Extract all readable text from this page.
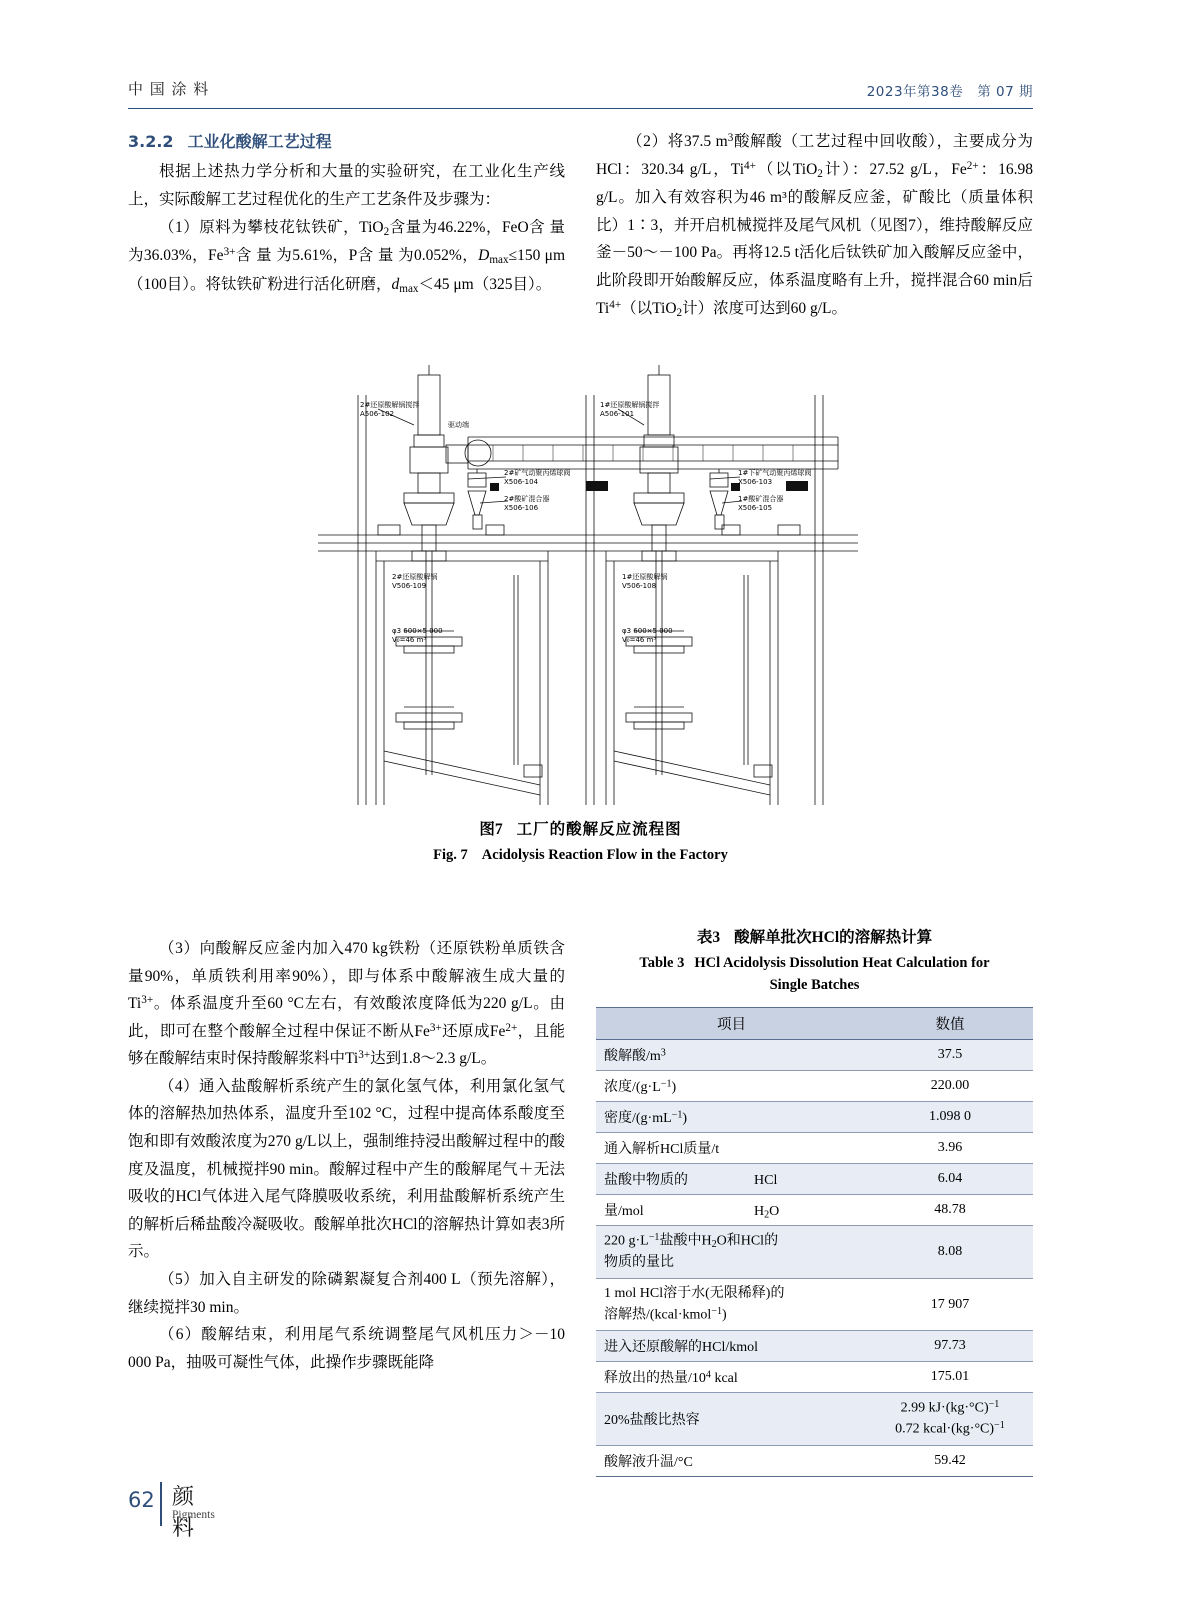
中 国 涂 料	2023年第38卷　第 07 期
3.2.2 工业化酸解工艺过程

根据上述热力学分析和大量的实验研究，在工业化生产线上，实际酸解工艺过程优化的生产工艺条件及步骤为：

（1）原料为攀枝花钛铁矿，TiO$_2$含量为46.22%，FeO含 量 为36.03%，$Fe^{3+}$含 量 为5.61%，P含 量 为0.052%，$D_{max}\le 150$ μm（100目）。将钛铁矿粉进行活化研磨，$d_{max}<45$ μm（325目）。

（2）将37.5 $m^3$酸解酸（工艺过程中回收酸），主要成分为HCl：320.34 g/L，$Ti^{4+}$（以TiO$_2$计）：27.52 g/L，$Fe^{2+}$：16.98 g/L。加入有效容积为46 m³的酸解反应釜，矿酸比（质量体积比）1∶3，并开启机械搅拌及尾气风机（见图7），维持酸解反应釜－50～－100 Pa。再将12.5 t活化后钛铁矿加入酸解反应釜中，此阶段即开始酸解反应，体系温度略有上升，搅拌混合60 min后$Ti^{4+}$（以TiO$_2$计）浓度可达到60 g/L。

2#还原酸解锅搅拌
A506-102
1#还原酸解锅搅拌
A506-101
驱动端
2#矿气动聚丙烯球阀
X506-104
2#酸矿混合器
X506-106
1#下矿气动聚丙烯球阀
X506-103
1#酸矿混合器
X506-105
2#还原酸解锅
V506-109
1#还原酸解锅
V506-108
φ3 600×5 000
V₀=46 m³
φ3 600×5 000
V₀=46 m³
图7 工厂的酸解反应流程图
Fig. 7 Acidolysis Reaction Flow in the Factory

（3）向酸解反应釜内加入470 kg铁粉（还原铁粉单质铁含量90%，单质铁利用率90%），即与体系中酸解液生成大量的$Ti^{3+}$。体系温度升至60 °C左右，有效酸浓度降低为220 g/L。由此，即可在整个酸解全过程中保证不断从$Fe^{3+}$还原成$Fe^{2+}$，且能够在酸解结束时保持酸解浆料中$Ti^{3+}$达到1.8～2.3 g/L。

（4）通入盐酸解析系统产生的氯化氢气体，利用氯化氢气体的溶解热加热体系，温度升至102 °C，过程中提高体系酸度至饱和即有效酸浓度为270 g/L以上，强制维持浸出酸解过程中的酸度及温度，机械搅拌90 min。酸解过程中产生的酸解尾气＋无法吸收的HCl气体进入尾气降膜吸收系统，利用盐酸解析系统产生的解析后稀盐酸冷凝吸收。酸解单批次HCl的溶解热计算如表3所示。

（5）加入自主研发的除磷絮凝复合剂400 L（预先溶解），继续搅拌30 min。

（6）酸解结束，利用尾气系统调整尾气风机压力＞－10 000 Pa，抽吸可凝性气体，此操作步骤既能降

表3 酸解单批次HCl的溶解热计算
Table 3 HCl Acidolysis Dissolution Heat Calculation for
Single Batches
项目	数值
酸解酸$/m^3$	37.5
浓度$/(g\cdot L^{-1})$	220.00
密度$/(g\cdot mL^{-1})$	1.098 0
通入解析HCl质量/t	3.96
盐酸中物质的 HCl	6.04
量/mol $H_2O$	48.78
220 $g\cdot L^{-1}$盐酸中$H_2O$和HCl的
物质的量比	8.08
1 mol HCl溶于水(无限稀释)的
溶解热/(kcal·kmol$^{-1}$)	17 907
进入还原酸解的HCl/kmol	97.73
释放出的热量$/10^4$ kcal	175.01
20%盐酸比热容	2.99 $kJ\cdot(kg\cdot^\circ C)^{-1}$
0.72 $kcal\cdot(kg\cdot^\circ C)^{-1}$
酸解液升温/°C	59.42
62 颜 料
Pigments
